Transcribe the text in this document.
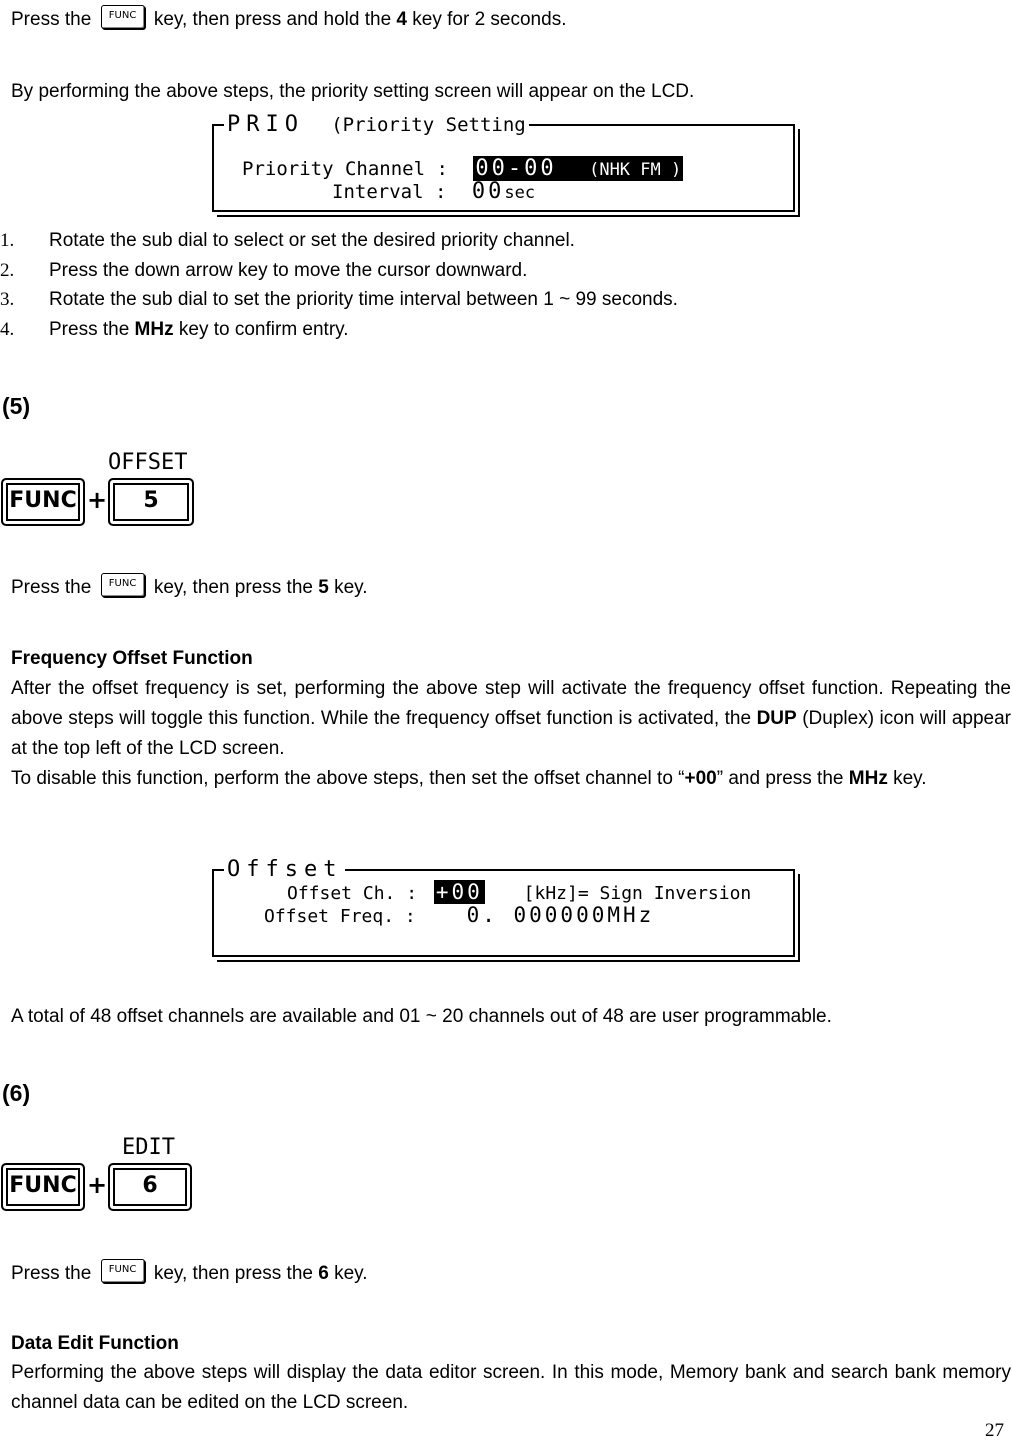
Press the FUNC key, then press and hold the 4 key for 2 seconds.
By performing the above steps, the priority setting screen will appear on the LCD.
PRIO (Priority Setting
Priority Channel : 00-00 (NHK FM )
Interval : 00sec
1. Rotate the sub dial to select or set the desired priority channel.
2. Press the down arrow key to move the cursor downward.
3. Rotate the sub dial to set the priority time interval between 1 ~ 99 seconds.
4. Press the MHz key to confirm entry.
(5)
OFFSET
FUNC +	5
Press the FUNC key, then press the 5 key.
Frequency Offset Function
After the offset frequency is set, performing the above step will activate the frequency offset function. Repeating the above steps will toggle this function. While the frequency offset function is activated, the DUP (Duplex) icon will appear at the top left of the LCD screen.
To disable this function, perform the above steps, then set the offset channel to “+00” and press the MHz key.
Offset
Offset Ch. : +00 [kHz]= Sign Inversion
Offset Freq. : 0. 000000MHz
A total of 48 offset channels are available and 01 ~ 20 channels out of 48 are user programmable.
(6)
EDIT
FUNC +	6
Press the FUNC key, then press the 6 key.
Data Edit Function
Performing the above steps will display the data editor screen. In this mode, Memory bank and search bank memory channel data can be edited on the LCD screen.
27
